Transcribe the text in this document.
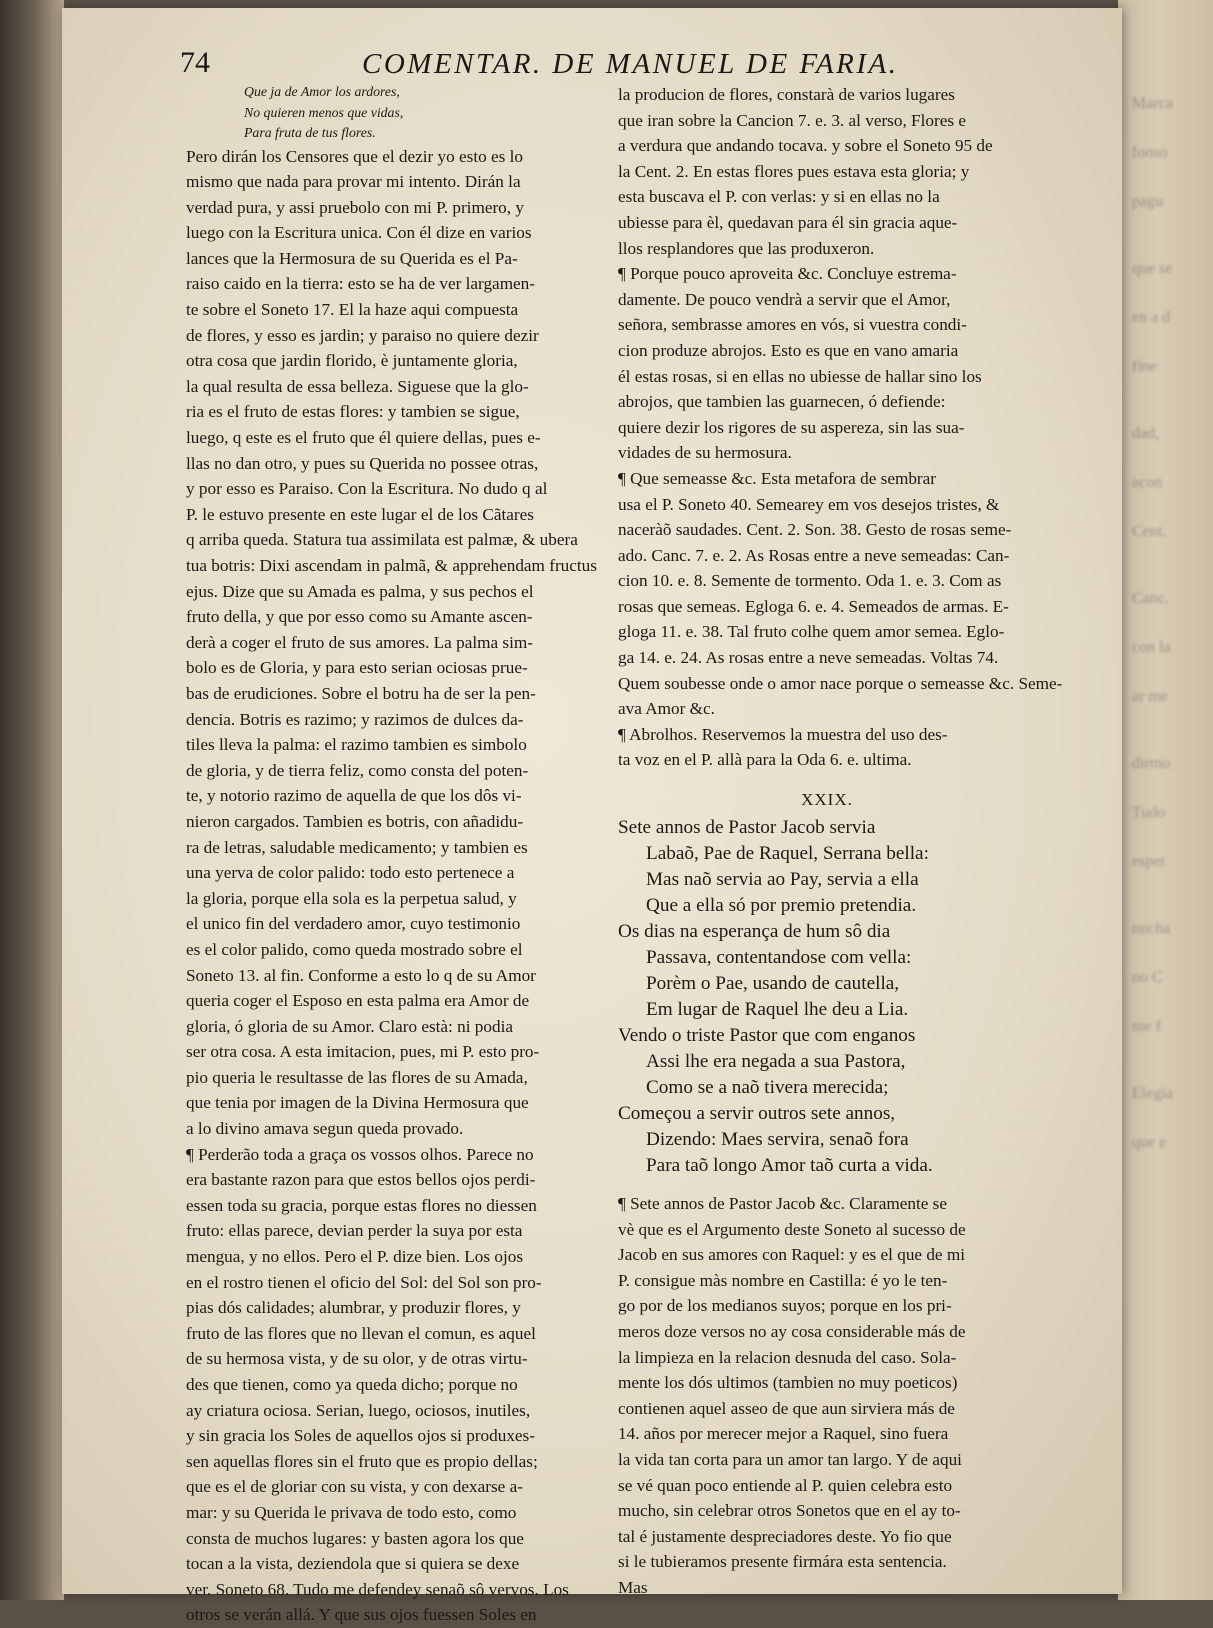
Marca
fonso
pagu
que se
en a d
fine
dad,
acon
Cent.
Canc.
con la
ar me
dirmo
Tudo
esper
nucha
no C
me f
Elegia
que e
74	COMENTAR. DE MANUEL DE FARIA.
Que ja de Amor los ardores,
No quieren menos que vidas,
Para fruta de tus flores.
Pero dirán los Censores que el dezir yo esto es lo
mismo que nada para provar mi intento. Dirán la
verdad pura, y assi pruebolo con mi P. primero, y
luego con la Escritura unica. Con él dize en varios
lances que la Hermosura de su Querida es el Pa-
raiso caido en la tierra: esto se ha de ver largamen-
te sobre el Soneto 17. El la haze aqui compuesta
de flores, y esso es jardin; y paraiso no quiere dezir
otra cosa que jardin florido, è juntamente gloria,
la qual resulta de essa belleza. Siguese que la glo-
ria es el fruto de estas flores: y tambien se sigue,
luego, q este es el fruto que él quiere dellas, pues e-
llas no dan otro, y pues su Querida no possee otras,
y por esso es Paraiso. Con la Escritura. No dudo q al
P. le estuvo presente en este lugar el de los Cãtares
q arriba queda. Statura tua assimilata est palmæ, & ubera
tua botris: Dixi ascendam in palmã, & apprehendam fructus
ejus. Dize que su Amada es palma, y sus pechos el
fruto della, y que por esso como su Amante ascen-
derà a coger el fruto de sus amores. La palma sim-
bolo es de Gloria, y para esto serian ociosas prue-
bas de erudiciones. Sobre el botru ha de ser la pen-
dencia. Botris es razimo; y razimos de dulces da-
tiles lleva la palma: el razimo tambien es simbolo
de gloria, y de tierra feliz, como consta del poten-
te, y notorio razimo de aquella de que los dôs vi-
nieron cargados. Tambien es botris, con añadidu-
ra de letras, saludable medicamento; y tambien es
una yerva de color palido: todo esto pertenece a
la gloria, porque ella sola es la perpetua salud, y
el unico fin del verdadero amor, cuyo testimonio
es el color palido, como queda mostrado sobre el
Soneto 13. al fin. Conforme a esto lo q de su Amor
queria coger el Esposo en esta palma era Amor de
gloria, ó gloria de su Amor. Claro està: ni podia
ser otra cosa. A esta imitacion, pues, mi P. esto pro-
pio queria le resultasse de las flores de su Amada,
que tenia por imagen de la Divina Hermosura que
a lo divino amava segun queda provado.
¶ Perderão toda a graça os vossos olhos. Parece no
era bastante razon para que estos bellos ojos perdi-
essen toda su gracia, porque estas flores no diessen
fruto: ellas parece, devian perder la suya por esta
mengua, y no ellos. Pero el P. dize bien. Los ojos
en el rostro tienen el oficio del Sol: del Sol son pro-
pias dós calidades; alumbrar, y produzir flores, y
fruto de las flores que no llevan el comun, es aquel
de su hermosa vista, y de su olor, y de otras virtu-
des que tienen, como ya queda dicho; porque no
ay criatura ociosa. Serian, luego, ociosos, inutiles,
y sin gracia los Soles de aquellos ojos si produxes-
sen aquellas flores sin el fruto que es propio dellas;
que es el de gloriar con su vista, y con dexarse a-
mar: y su Querida le privava de todo esto, como
consta de muchos lugares: y basten agora los que
tocan a la vista, deziendola que si quiera se dexe
ver. Soneto 68. Tudo me defendey senaõ sô vervos. Los
otros se verán allá. Y que sus ojos fuessen Soles en
la producion de flores, constarà de varios lugares
que iran sobre la Cancion 7. e. 3. al verso, Flores e
a verdura que andando tocava. y sobre el Soneto 95 de
la Cent. 2. En estas flores pues estava esta gloria; y
esta buscava el P. con verlas: y si en ellas no la
ubiesse para èl, quedavan para él sin gracia aque-
llos resplandores que las produxeron.
¶ Porque pouco aproveita &c. Concluye estrema-
damente. De pouco vendrà a servir que el Amor,
señora, sembrasse amores en vós, si vuestra condi-
cion produze abrojos. Esto es que en vano amaria
él estas rosas, si en ellas no ubiesse de hallar sino los
abrojos, que tambien las guarnecen, ó defiende:
quiere dezir los rigores de su aspereza, sin las sua-
vidades de su hermosura.
¶ Que semeasse &c. Esta metafora de sembrar
usa el P. Soneto 40. Semearey em vos desejos tristes, &
naceràõ saudades. Cent. 2. Son. 38. Gesto de rosas seme-
ado. Canc. 7. e. 2. As Rosas entre a neve semeadas: Can-
cion 10. e. 8. Semente de tormento. Oda 1. e. 3. Com as
rosas que semeas. Egloga 6. e. 4. Semeados de armas. E-
gloga 11. e. 38. Tal fruto colhe quem amor semea. Eglo-
ga 14. e. 24. As rosas entre a neve semeadas. Voltas 74.
Quem soubesse onde o amor nace porque o semeasse &c. Seme-
ava Amor &c.
¶ Abrolhos. Reservemos la muestra del uso des-
ta voz en el P. allà para la Oda 6. e. ultima.
XXIX.
Sete annos de Pastor Jacob servia
Labaõ, Pae de Raquel, Serrana bella:
Mas naõ servia ao Pay, servia a ella
Que a ella só por premio pretendia.
Os dias na esperança de hum sô dia
Passava, contentandose com vella:
Porèm o Pae, usando de cautella,
Em lugar de Raquel lhe deu a Lia.
Vendo o triste Pastor que com enganos
Assi lhe era negada a sua Pastora,
Como se a naõ tivera merecida;
Começou a servir outros sete annos,
Dizendo: Maes servira, senaõ fora
Para taõ longo Amor taõ curta a vida.
¶ Sete annos de Pastor Jacob &c. Claramente se
vè que es el Argumento deste Soneto al sucesso de
Jacob en sus amores con Raquel: y es el que de mi
P. consigue màs nombre en Castilla: é yo le ten-
go por de los medianos suyos; porque en los pri-
meros doze versos no ay cosa considerable más de
la limpieza en la relacion desnuda del caso. Sola-
mente los dós ultimos (tambien no muy poeticos)
contienen aquel asseo de que aun sirviera más de
14. años por merecer mejor a Raquel, sino fuera
la vida tan corta para un amor tan largo. Y de aqui
se vé quan poco entiende al P. quien celebra esto
mucho, sin celebrar otros Sonetos que en el ay to-
tal é justamente despreciadores deste. Yo fio que
si le tubieramos presente firmára esta sentencia.
Mas
